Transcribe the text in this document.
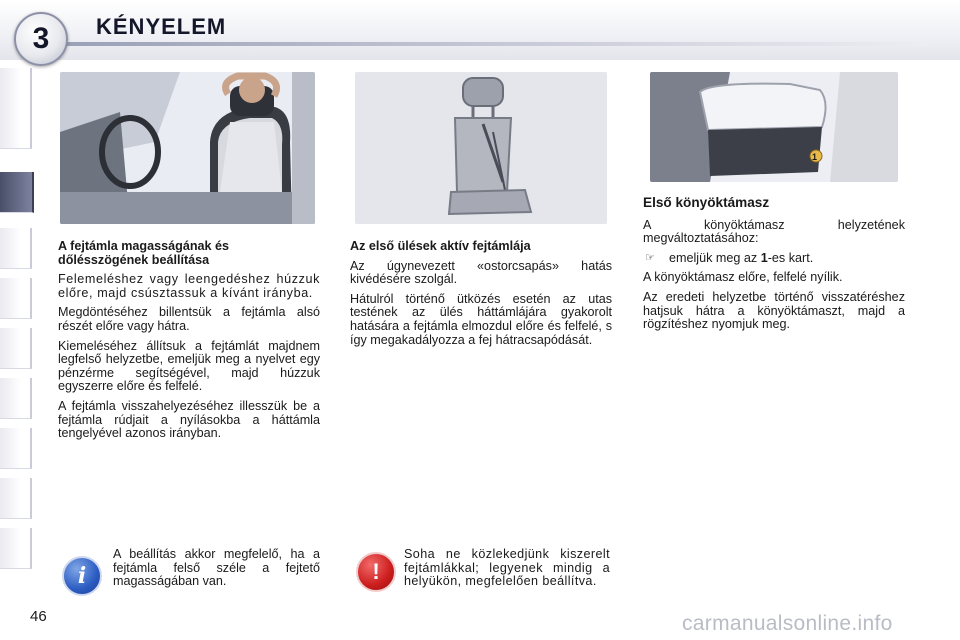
3 KÉNYELEM
1
A fejtámla magasságának és dőlésszögének beállítása

Felemeléshez vagy leengedéshez húzzuk előre, majd csúsztassuk a kívánt irányba.

Megdöntéséhez billentsük a fejtámla alsó részét előre vagy hátra.

Kiemeléséhez állítsuk a fejtámlát majdnem legfelső helyzetbe, emeljük meg a nyelvet egy pénzérme segítségével, majd húzzuk egyszerre előre és felfelé.

A fejtámla visszahelyezéséhez illesszük be a fejtámla rúdjait a nyílásokba a háttámla tengelyével azonos irányban.

Az első ülések aktív fejtámlája

Az úgynevezett «ostorcsapás» hatás kivédésére szolgál.

Hátulról történő ütközés esetén az utas testének az ülés háttámlájára gyakorolt hatására a fejtámla elmozdul előre és felfelé, s így megakadályozza a fej hátracsapódását.

Első könyöktámasz

A könyöktámasz helyzetének megváltoztatásához:

☞	emeljük meg az 1-es kart.

A könyöktámasz előre, felfelé nyílik.

Az eredeti helyzetbe történő visszatéréshez hatjsuk hátra a könyöktámaszt, majd a rögzítéshez nyomjuk meg.

i
A beállítás akkor megfelelő, ha a fejtámla felső széle a fejtető magasságában van.	!
Soha ne közlekedjünk kiszerelt fejtámlákkal; legyenek mindig a helyükön, megfelelően beállítva.
46	carmanualsonline.info
